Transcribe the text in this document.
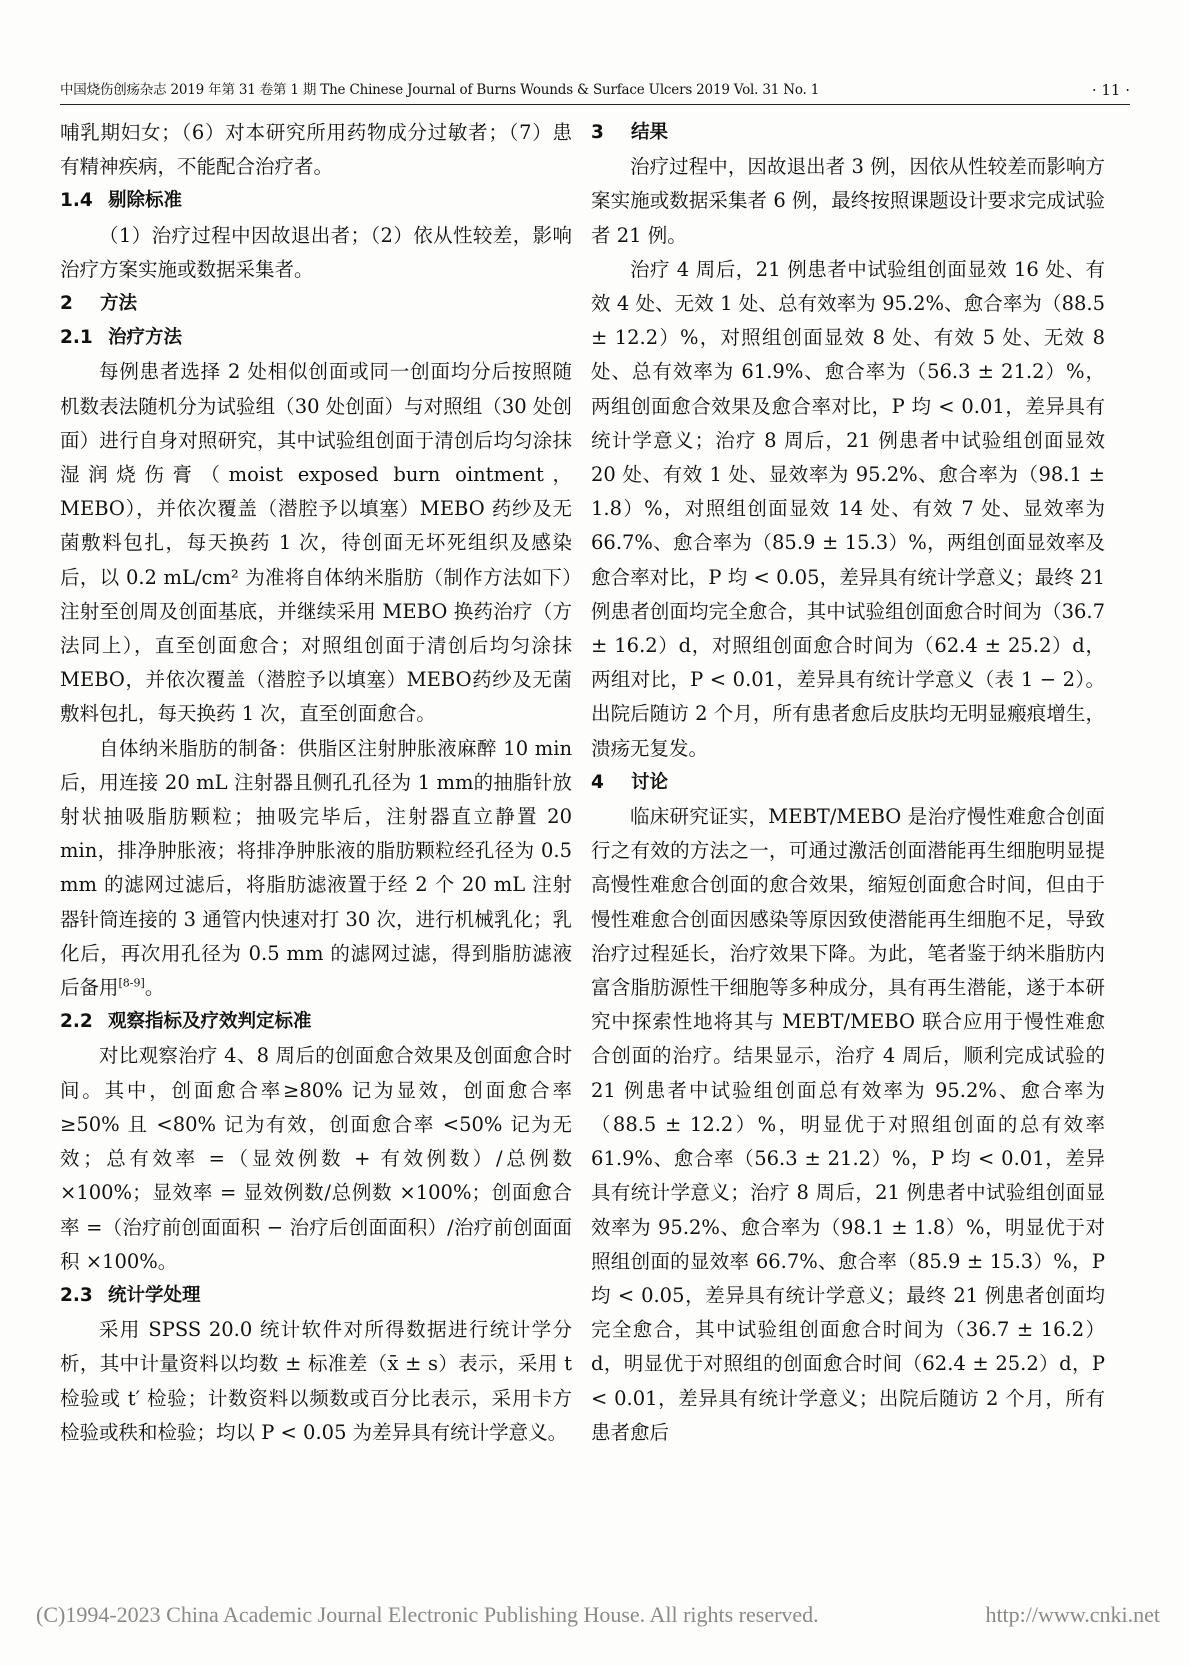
中国烧伤创疡杂志 2019 年第 31 卷第 1 期 The Chinese Journal of Burns Wounds & Surface Ulcers 2019 Vol. 31 No. 1	· 11 ·

哺乳期妇女；（6）对本研究所用药物成分过敏者；（7）患有精神疾病，不能配合治疗者。

1.4 剔除标准

（1）治疗过程中因故退出者；（2）依从性较差，影响治疗方案实施或数据采集者。

2 方法

2.1 治疗方法

每例患者选择 2 处相似创面或同一创面均分后按照随机数表法随机分为试验组（30 处创面）与对照组（30 处创面）进行自身对照研究，其中试验组创面于清创后均匀涂抹湿润烧伤膏（moist exposed burn ointment，MEBO），并依次覆盖（潜腔予以填塞）MEBO 药纱及无菌敷料包扎，每天换药 1 次，待创面无坏死组织及感染后，以 0.2 mL/cm² 为准将自体纳米脂肪（制作方法如下）注射至创周及创面基底，并继续采用 MEBO 换药治疗（方法同上），直至创面愈合；对照组创面于清创后均匀涂抹 MEBO，并依次覆盖（潜腔予以填塞）MEBO药纱及无菌敷料包扎，每天换药 1 次，直至创面愈合。

自体纳米脂肪的制备：供脂区注射肿胀液麻醉 10 min 后，用连接 20 mL 注射器且侧孔孔径为 1 mm的抽脂针放射状抽吸脂肪颗粒；抽吸完毕后，注射器直立静置 20 min，排净肿胀液；将排净肿胀液的脂肪颗粒经孔径为 0.5 mm 的滤网过滤后，将脂肪滤液置于经 2 个 20 mL 注射器针筒连接的 3 通管内快速对打 30 次，进行机械乳化；乳化后，再次用孔径为 0.5 mm 的滤网过滤，得到脂肪滤液后备用[8-9]。

2.2 观察指标及疗效判定标准

对比观察治疗 4、8 周后的创面愈合效果及创面愈合时间。其中，创面愈合率≥80% 记为显效，创面愈合率≥50% 且 <80% 记为有效，创面愈合率 <50% 记为无效；总有效率 =（显效例数 + 有效例数）/总例数 ×100%；显效率 = 显效例数/总例数 ×100%；创面愈合率 =（治疗前创面面积 − 治疗后创面面积）/治疗前创面面积 ×100%。

2.3 统计学处理

采用 SPSS 20.0 统计软件对所得数据进行统计学分析，其中计量资料以均数 ± 标准差（x̄ ± s）表示，采用 t 检验或 t′ 检验；计数资料以频数或百分比表示，采用卡方检验或秩和检验；均以 P < 0.05 为差异具有统计学意义。

3 结果

治疗过程中，因故退出者 3 例，因依从性较差而影响方案实施或数据采集者 6 例，最终按照课题设计要求完成试验者 21 例。

治疗 4 周后，21 例患者中试验组创面显效 16 处、有效 4 处、无效 1 处、总有效率为 95.2%、愈合率为（88.5 ± 12.2）%，对照组创面显效 8 处、有效 5 处、无效 8 处、总有效率为 61.9%、愈合率为（56.3 ± 21.2）%，两组创面愈合效果及愈合率对比，P 均 < 0.01，差异具有统计学意义；治疗 8 周后，21 例患者中试验组创面显效 20 处、有效 1 处、显效率为 95.2%、愈合率为（98.1 ± 1.8）%，对照组创面显效 14 处、有效 7 处、显效率为 66.7%、愈合率为（85.9 ± 15.3）%，两组创面显效率及愈合率对比，P 均 < 0.05，差异具有统计学意义；最终 21 例患者创面均完全愈合，其中试验组创面愈合时间为（36.7 ± 16.2）d，对照组创面愈合时间为（62.4 ± 25.2）d，两组对比，P < 0.01，差异具有统计学意义（表 1 − 2）。出院后随访 2 个月，所有患者愈后皮肤均无明显瘢痕增生，溃疡无复发。

4 讨论

临床研究证实，MEBT/MEBO 是治疗慢性难愈合创面行之有效的方法之一，可通过激活创面潜能再生细胞明显提高慢性难愈合创面的愈合效果，缩短创面愈合时间，但由于慢性难愈合创面因感染等原因致使潜能再生细胞不足，导致治疗过程延长，治疗效果下降。为此，笔者鉴于纳米脂肪内富含脂肪源性干细胞等多种成分，具有再生潜能，遂于本研究中探索性地将其与 MEBT/MEBO 联合应用于慢性难愈合创面的治疗。结果显示，治疗 4 周后，顺利完成试验的 21 例患者中试验组创面总有效率为 95.2%、愈合率为（88.5 ± 12.2）%，明显优于对照组创面的总有效率 61.9%、愈合率（56.3 ± 21.2）%，P 均 < 0.01，差异具有统计学意义；治疗 8 周后，21 例患者中试验组创面显效率为 95.2%、愈合率为（98.1 ± 1.8）%，明显优于对照组创面的显效率 66.7%、愈合率（85.9 ± 15.3）%，P 均 < 0.05，差异具有统计学意义；最终 21 例患者创面均完全愈合，其中试验组创面愈合时间为（36.7 ± 16.2）d，明显优于对照组的创面愈合时间（62.4 ± 25.2）d，P < 0.01，差异具有统计学意义；出院后随访 2 个月，所有患者愈后

(C)1994-2023 China Academic Journal Electronic Publishing House. All rights reserved.	http://www.cnki.net
